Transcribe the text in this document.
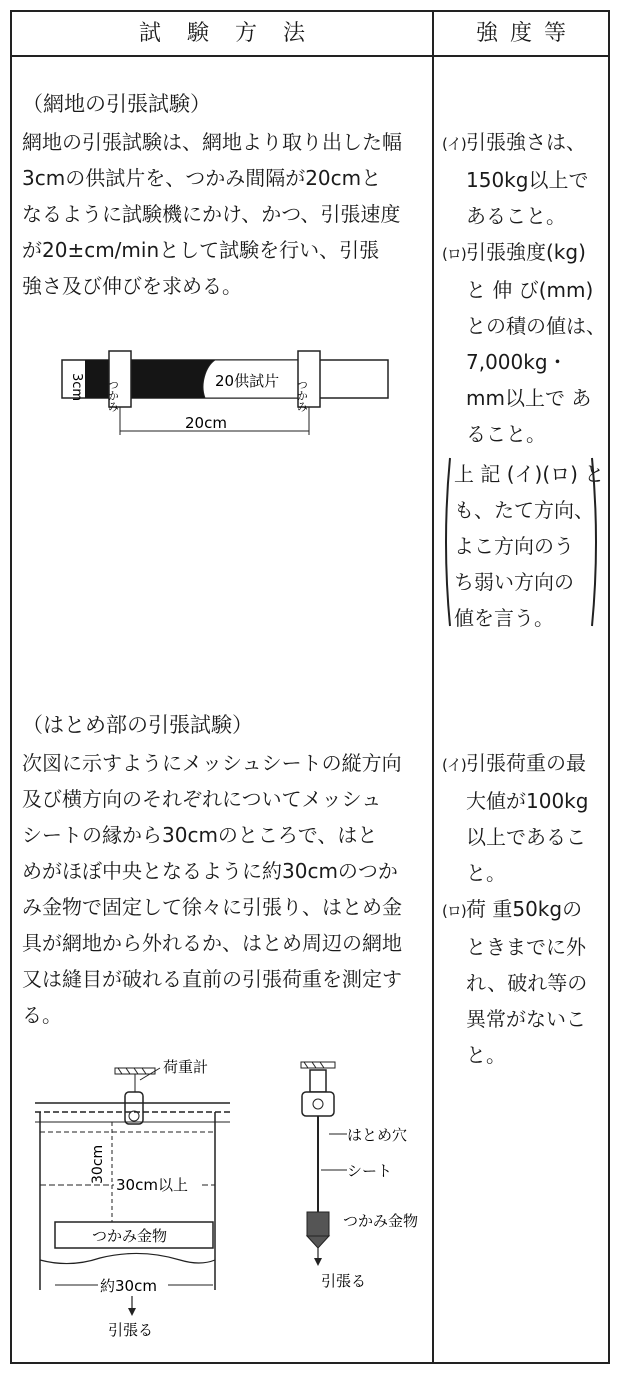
試験方法	強度等
（網地の引張試験）
網地の引張試験は、網地より取り出した幅
3cmの供試片を、つかみ間隔が20cmと
なるように試験機にかけ、かつ、引張速度
が20±cm/minとして試験を行い、引張
強さ及び伸びを求める。
3cm つかみ	つかみ
20供試片
20cm
(イ)引張強さは、
150kg以上で
あること。
(ロ)引張強度(kg)
と 伸 び(mm)
との積の値は、
7,000kg・
mm以上で あ
ること。
上 記 (イ)(ロ) と
も、たて方向、
よこ方向のう
ち弱い方向の
値を言う。
（はとめ部の引張試験）
次図に示すようにメッシュシートの縦方向
及び横方向のそれぞれについてメッシュ
シートの縁から30cmのところで、はと
めがほぼ中央となるように約30cmのつか
み金物で固定して徐々に引張り、はとめ金
具が網地から外れるか、はとめ周辺の網地
又は縫目が破れる直前の引張荷重を測定す
る。
(イ)引張荷重の最
大値が100kg
以上であるこ
と。
(ロ)荷 重50kgの
ときまでに外
れ、破れ等の
異常がないこ
と。
荷重計
30cm
30cm以上
つかみ金物
約30cm
引張る
はとめ穴
シート
つかみ金物
引張る
